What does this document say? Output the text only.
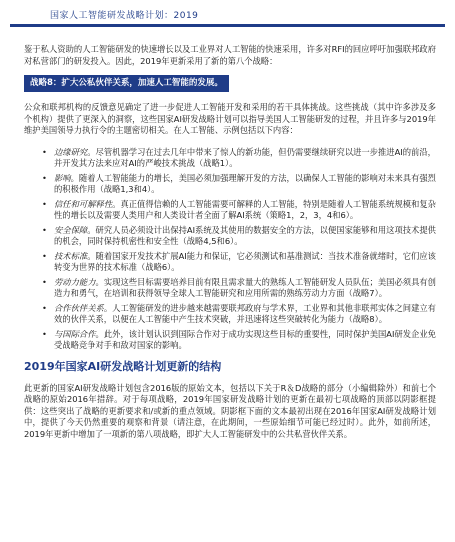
国家人工智能研发战略计划：2019

鉴于私人资助的人工智能研发的快速增长以及工业界对人工智能的快速采用，许多对RFI的回应呼吁加强联邦政府对私营部门的研发投入。因此，2019年更新采用了新的第八个战略：

战略8：扩大公私伙伴关系，加速人工智能的发展。

公众和联邦机构的反馈意见确定了进一步促进人工智能开发和采用的若干具体挑战。这些挑战（其中许多涉及多个机构）提供了更深入的洞察，这些国家AI研发战略计划可以指导美国人工智能研发的过程，并且许多与2019年维护美国领导力执行令的主题密切相关。在人工智能、示例包括以下内容：

• 边缘研究。尽管机器学习在过去几年中带来了惊人的新功能，但仍需要继续研究以进一步推进AI的前沿，并开发其方法来应对AI的严峻技术挑战（战略1）。
• 影响。随着人工智能能力的增长，美国必须加强理解开发的方法，以确保人工智能的影响对未来具有强烈的积极作用（战略1,3和4）。
• 信任和可解释性。真正值得信赖的人工智能需要可解释的人工智能，特别是随着人工智能系统规模和复杂性的增长以及需要人类用户和人类设计者全面了解AI系统（策略1，2，3，4和6）。
• 安全保障。研究人员必须设计出保持AI系统及其使用的数据安全的方法，以便国家能够和用这项技术提供的机会，同时保持机密性和安全性（战略4,5和6）。
• 技术标准。随着国家开发技术扩展AI能力和保证，它必须测试和基准测试：当技术准备就绪时，它们应该转变为世界的技术标准（战略6）。
• 劳动力能力。实现这些目标需要培养目前有限且需求量大的熟练人工智能研发人员队伍；美国必须具有创造力和勇气，在培训和获得领导全球人工智能研究和应用所需的熟练劳动力方面（战略7）。
• 合作伙伴关系。人工智能研发的进步越来越需要联邦政府与学术界，工业界和其他非联邦实体之间建立有效的伙伴关系，以便在人工智能中产生技术突破，并迅速将这些突破转化为能力（战略8）。
• 与国际合作。此外，该计划认识到国际合作对于成功实现这些目标的重要性，同时保护美国AI研发企业免受战略竞争对手和敌对国家的影响。
2019年国家AI研发战略计划更新的结构

此更新的国家AI研发战略计划包含2016版的原始文本，包括以下关于R＆D战略的部分（小编辑除外）和前七个战略的原始2016年措辞。对于每项战略，2019年国家研发战略计划的更新在最初七项战略的顶部以阴影框提供：这些突出了战略的更新要求和/或新的重点领域。阴影框下面的文本最初出现在2016年国家AI研发战略计划中，提供了今天仍然重要的观察和背景（请注意，在此期间，一些原始细节可能已经过时）。此外，如前所述，2019年更新中增加了一项新的第八项战略，即扩大人工智能研发中的公共私营伙伴关系。
